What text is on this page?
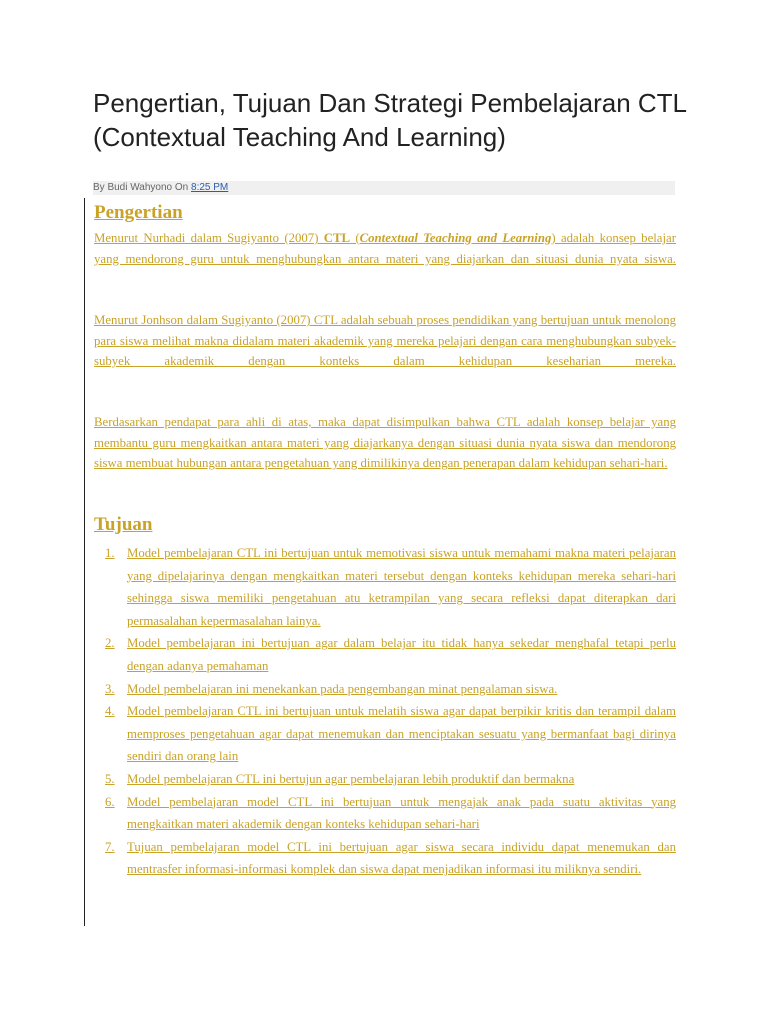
Pengertian, Tujuan Dan Strategi Pembelajaran CTL (Contextual Teaching And Learning)
By Budi Wahyono On 8:25 PM
Pengertian

Menurut Nurhadi dalam Sugiyanto (2007) CTL (Contextual Teaching and Learning) adalah konsep belajar yang mendorong guru untuk menghubungkan antara materi yang diajarkan dan situasi dunia nyata siswa.

Menurut Jonhson dalam Sugiyanto (2007) CTL adalah sebuah proses pendidikan yang bertujuan untuk menolong para siswa melihat makna didalam materi akademik yang mereka pelajari dengan cara menghubungkan subyek-subyek akademik dengan konteks dalam kehidupan keseharian mereka.

Berdasarkan pendapat para ahli di atas, maka dapat disimpulkan bahwa CTL adalah konsep belajar yang membantu guru mengkaitkan antara materi yang diajarkanya dengan situasi dunia nyata siswa dan mendorong siswa membuat hubungan antara pengetahuan yang dimilikinya dengan penerapan dalam kehidupan sehari-hari.

Tujuan
1. Model pembelajaran CTL ini bertujuan untuk memotivasi siswa untuk memahami makna materi pelajaran yang dipelajarinya dengan mengkaitkan materi tersebut dengan konteks kehidupan mereka sehari-hari sehingga siswa memiliki pengetahuan atu ketrampilan yang secara refleksi dapat diterapkan dari permasalahan kepermasalahan lainya.
2. Model pembelajaran ini bertujuan agar dalam belajar itu tidak hanya sekedar menghafal tetapi perlu dengan adanya pemahaman
3. Model pembelajaran ini menekankan pada pengembangan minat pengalaman siswa.
4. Model pembelajaran CTL ini bertujuan untuk melatih siswa agar dapat berpikir kritis dan terampil dalam memproses pengetahuan agar dapat menemukan dan menciptakan sesuatu yang bermanfaat bagi dirinya sendiri dan orang lain
5. Model pembelajaran CTL ini bertujun agar pembelajaran lebih produktif dan bermakna
6. Model pembelajaran model CTL ini bertujuan untuk mengajak anak pada suatu aktivitas yang mengkaitkan materi akademik dengan konteks kehidupan sehari-hari
7. Tujuan pembelajaran model CTL ini bertujuan agar siswa secara individu dapat menemukan dan mentrasfer informasi-informasi komplek dan siswa dapat menjadikan informasi itu miliknya sendiri.
